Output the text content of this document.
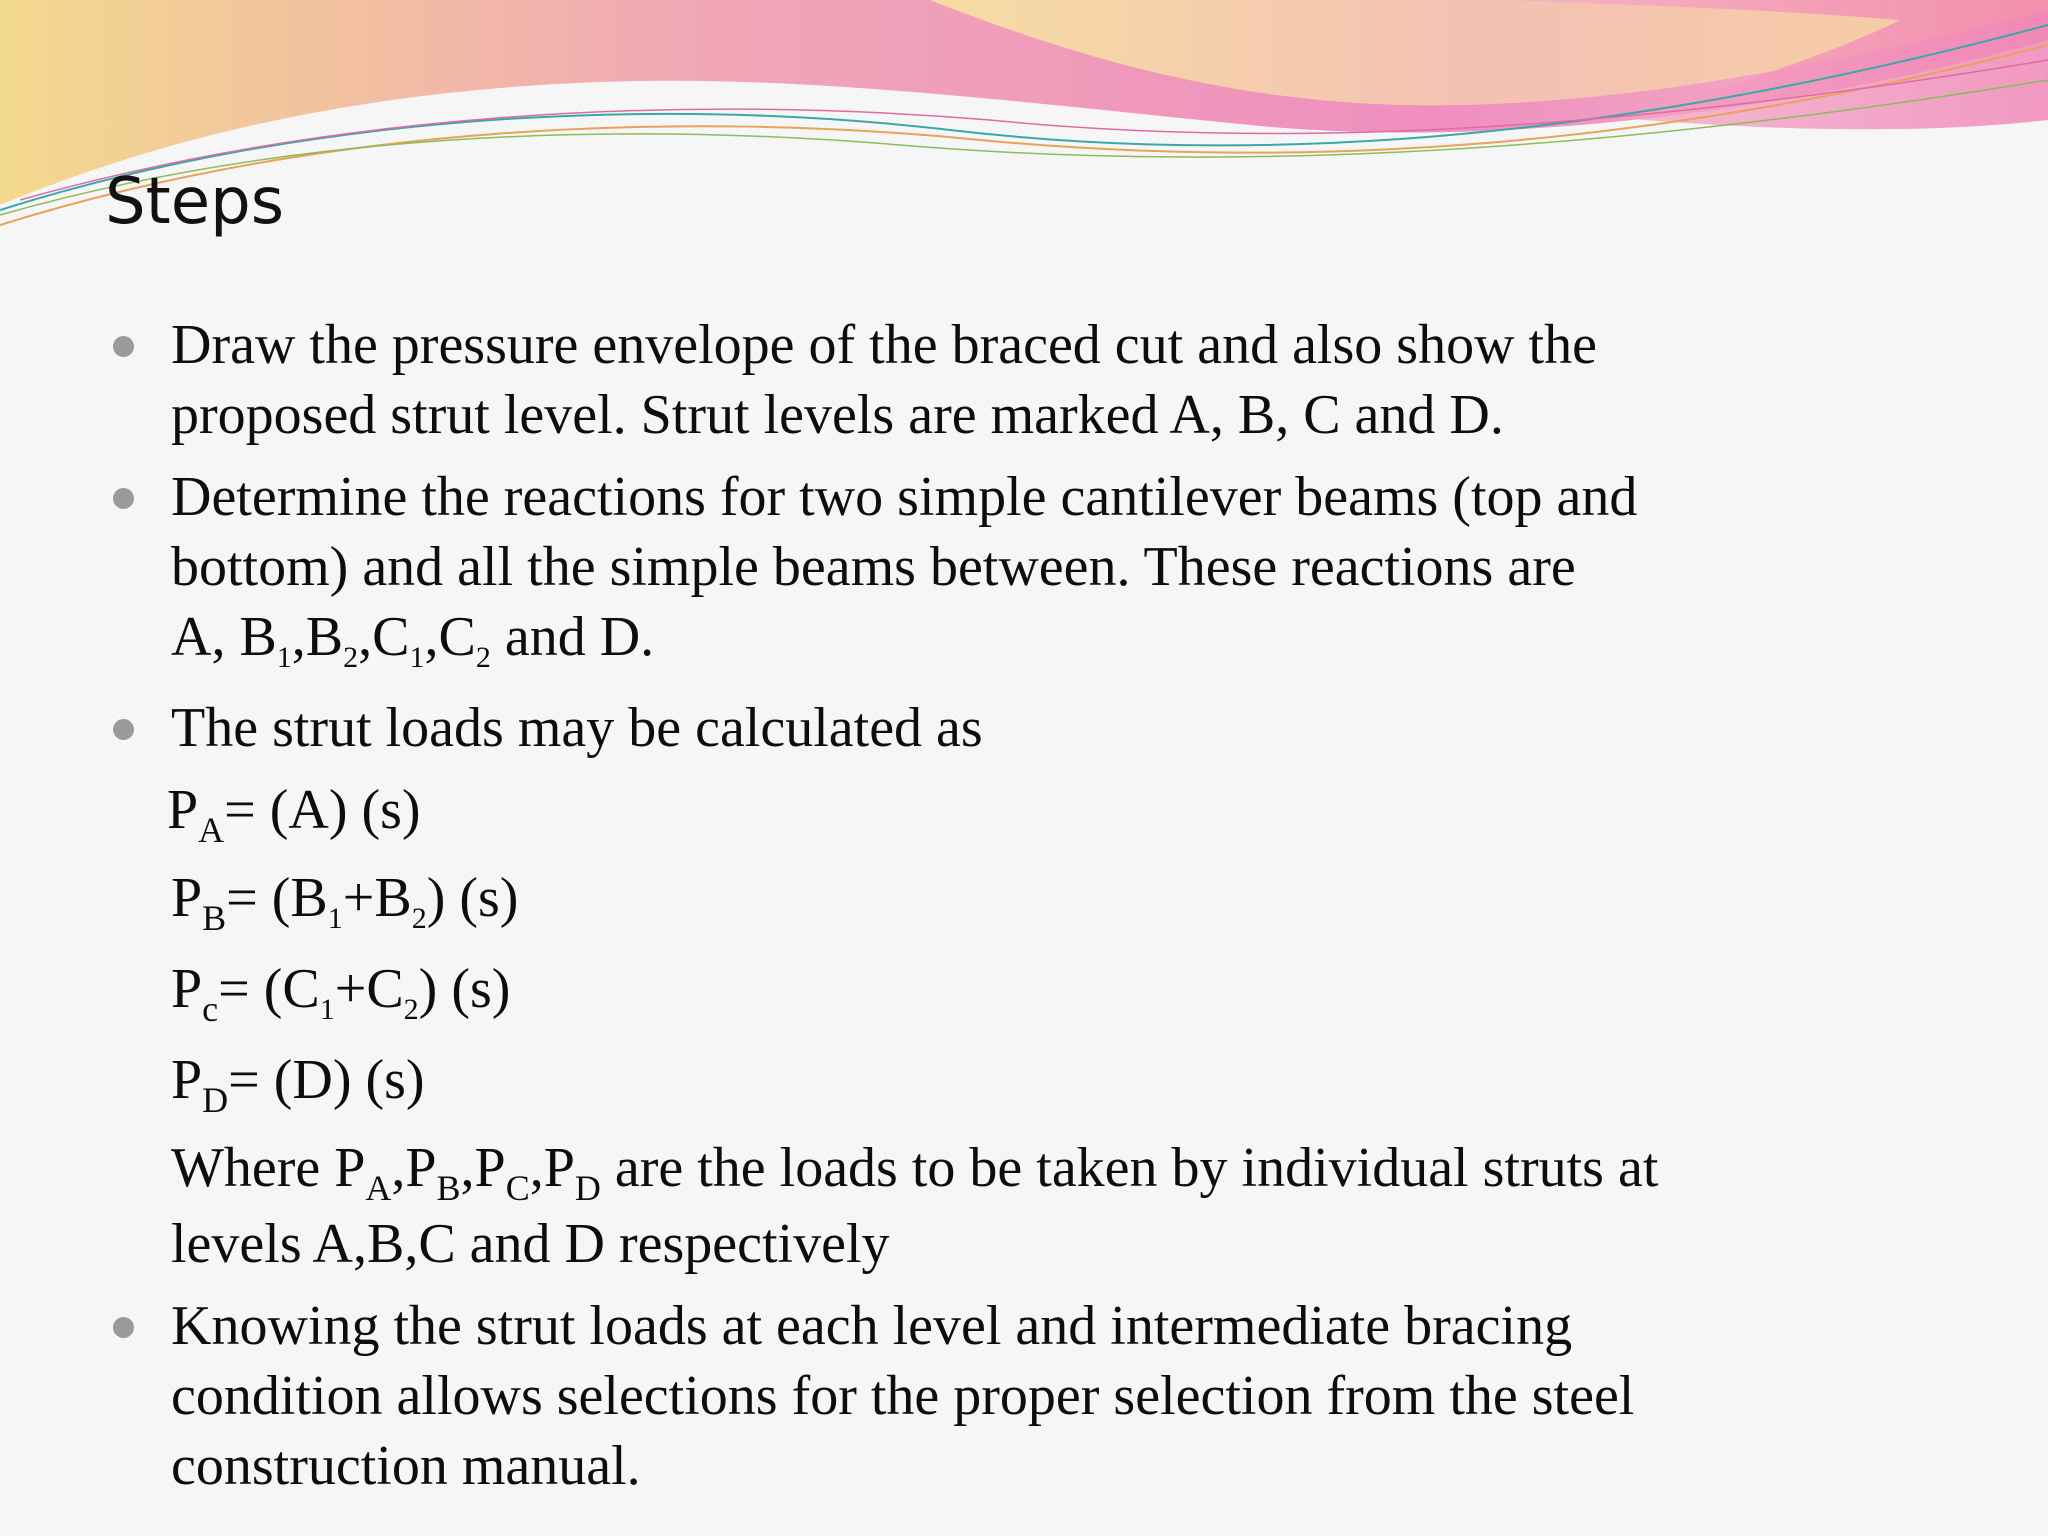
Steps
Draw the pressure envelope of the braced cut and also show the
proposed strut level. Strut levels are marked A, B, C and D.
Determine the reactions for two simple cantilever beams (top and
bottom) and all the simple beams between. These reactions are
A, $B_1,B_2,C_1,C_2$ and D.
The strut loads may be calculated as
$P_A= (A)$ (s)
$P_B= (B_1+B_2)$ (s)
$P_c= (C_1+C_2)$ (s)
$P_D= (D)$ (s)
Where $P_A,P_B,P_C,P_D$ are the loads to be taken by individual struts at
levels A,B,C and D respectively
Knowing the strut loads at each level and intermediate bracing
condition allows selections for the proper selection from the steel
construction manual.
